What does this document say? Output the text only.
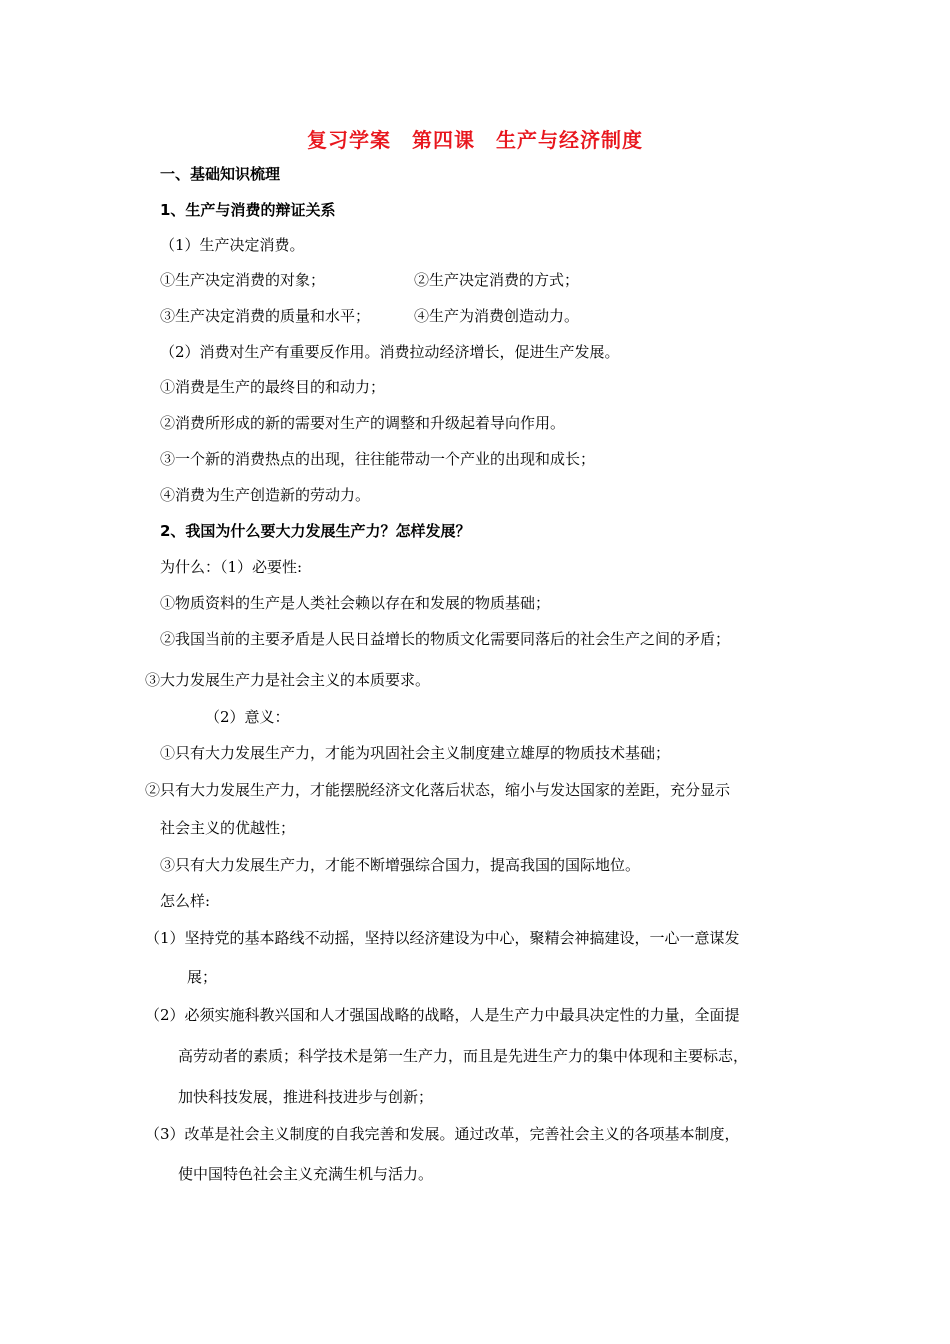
复习学案　第四课　生产与经济制度
一、基础知识梳理
1、生产与消费的辩证关系
（1）生产决定消费。
①生产决定消费的对象；	②生产决定消费的方式；
③生产决定消费的质量和水平；	④生产为消费创造动力。
（2）消费对生产有重要反作用。消费拉动经济增长，促进生产发展。
①消费是生产的最终目的和动力；
②消费所形成的新的需要对生产的调整和升级起着导向作用。
③一个新的消费热点的出现，往往能带动一个产业的出现和成长；
④消费为生产创造新的劳动力。
2、我国为什么要大力发展生产力？怎样发展？
为什么：（1）必要性:
①物质资料的生产是人类社会赖以存在和发展的物质基础；
②我国当前的主要矛盾是人民日益增长的物质文化需要同落后的社会生产之间的矛盾；
③大力发展生产力是社会主义的本质要求。
（2）意义：
①只有大力发展生产力，才能为巩固社会主义制度建立雄厚的物质技术基础；
②只有大力发展生产力，才能摆脱经济文化落后状态，缩小与发达国家的差距，充分显示
社会主义的优越性；
③只有大力发展生产力，才能不断增强综合国力，提高我国的国际地位。
怎么样:
（1）坚持党的基本路线不动摇，坚持以经济建设为中心，聚精会神搞建设，一心一意谋发
展；
（2）必须实施科教兴国和人才强国战略的战略，人是生产力中最具决定性的力量，全面提
高劳动者的素质；科学技术是第一生产力，而且是先进生产力的集中体现和主要标志，
加快科技发展，推进科技进步与创新；
（3）改革是社会主义制度的自我完善和发展。通过改革，完善社会主义的各项基本制度，
使中国特色社会主义充满生机与活力。
